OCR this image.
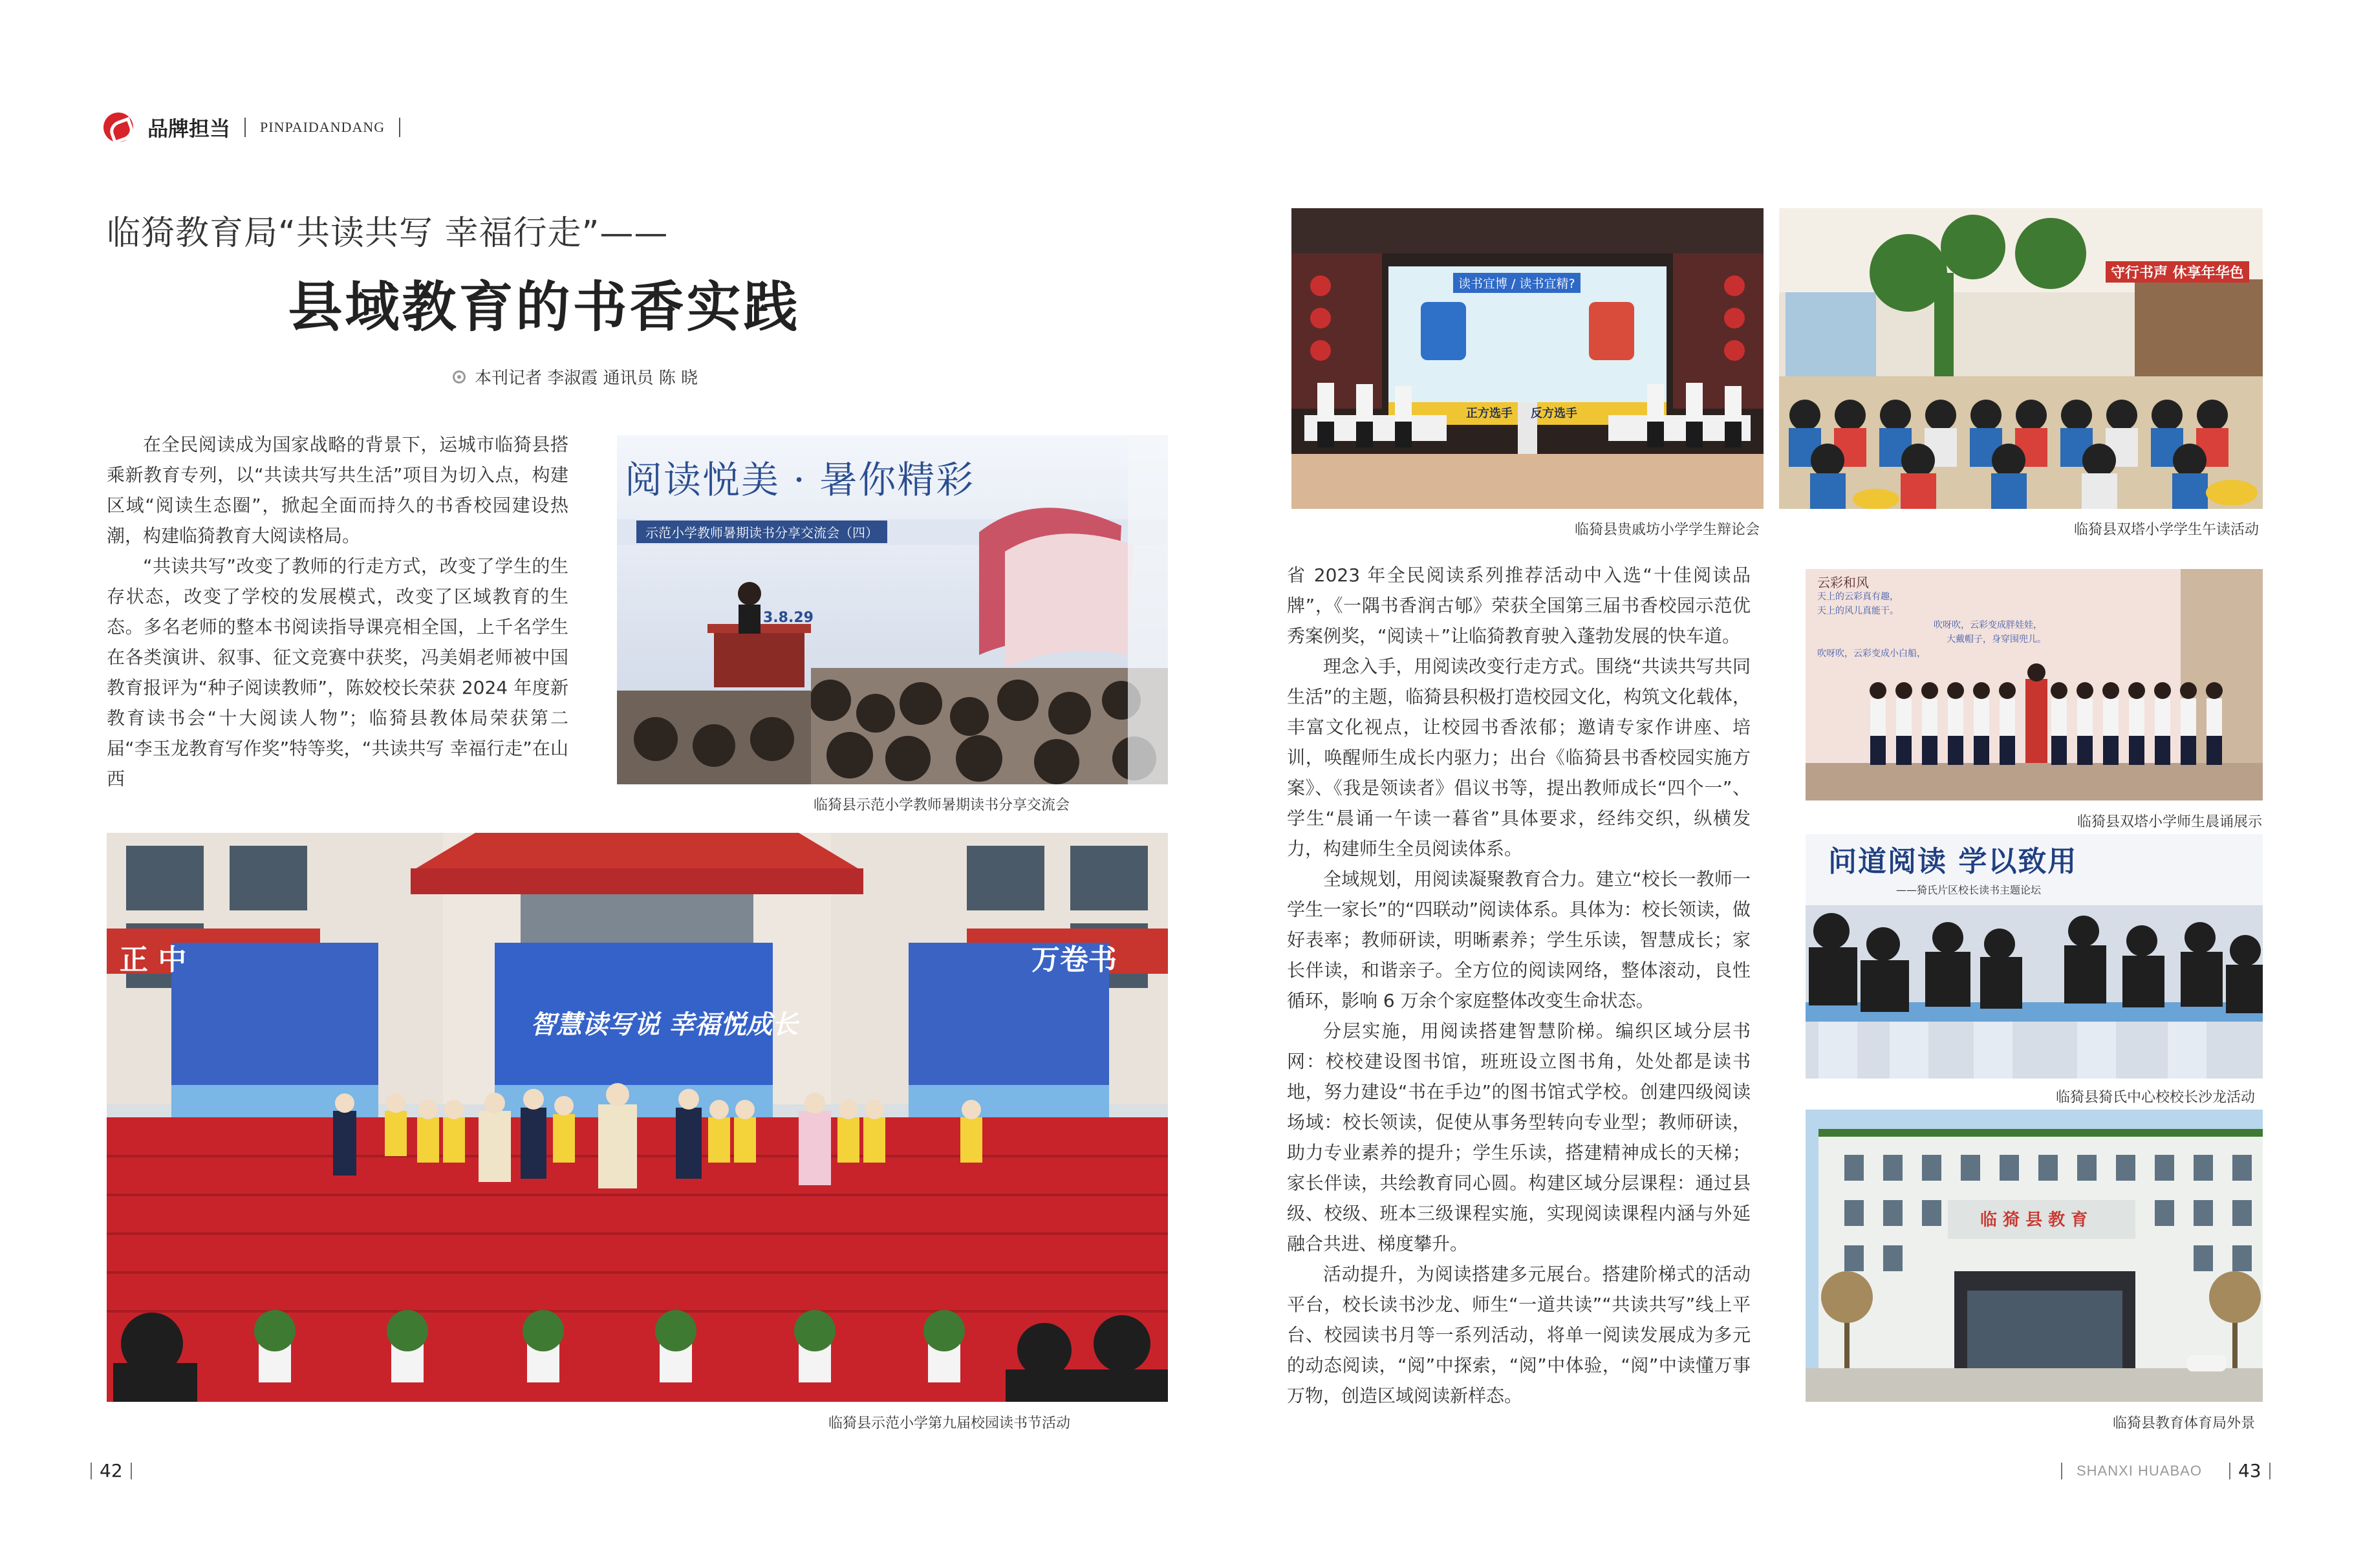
品牌担当 PINPAIDANDANG
临猗教育局“共读共写 幸福行走”——
县域教育的书香实践
本刊记者 李淑霞 通讯员 陈 晓

在全民阅读成为国家战略的背景下，运城市临猗县搭乘新教育专列，以“共读共写共生活”项目为切入点，构建区域“阅读生态圈”，掀起全面而持久的书香校园建设热潮，构建临猗教育大阅读格局。

“共读共写”改变了教师的行走方式，改变了学生的生存状态，改变了学校的发展模式，改变了区域教育的生态。多名老师的整本书阅读指导课亮相全国，上千名学生在各类演讲、叙事、征文竞赛中获奖，冯美娟老师被中国教育报评为“种子阅读教师”，陈姣校长荣获 2024 年度新教育读书会“十大阅读人物”；临猗县教体局荣获第二届“李玉龙教育写作奖”特等奖，“共读共写 幸福行走”在山西

阅读悦美 · 暑你精彩
示范小学教师暑期读书分享交流会（四）
3.8.29
临猗县示范小学教师暑期读书分享交流会
智慧读写说 幸福悦成长
正 中	万卷书
临猗县示范小学第九届校园读书节活动
42
读书宜博 / 读书宜精?
正方选手 反方选手
临猗县贵戚坊小学学生辩论会
守行书声 休享年华色
临猗县双塔小学学生午读活动
云彩和风
天上的云彩真有趣，
天上的风儿真能干。
吹呀吹，云彩变成胖娃娃，
大戴帽子，身穿围兜儿。
吹呀吹，云彩变成小白船，
临猗县双塔小学师生晨诵展示
问道阅读 学以致用
——猗氏片区校长读书主题论坛
临猗县猗氏中心校校长沙龙活动
临 猗 县 教 育
临猗县教育体育局外景

省 2023 年全民阅读系列推荐活动中入选“十佳阅读品牌”，《一隅书香润古郇》荣获全国第三届书香校园示范优秀案例奖，“阅读＋”让临猗教育驶入蓬勃发展的快车道。

理念入手，用阅读改变行走方式。围绕“共读共写共同生活”的主题，临猗县积极打造校园文化，构筑文化载体，丰富文化视点，让校园书香浓郁；邀请专家作讲座、培训，唤醒师生成长内驱力；出台《临猗县书香校园实施方案》、《我是领读者》倡议书等，提出教师成长“四个一”、学生“晨诵一午读一暮省”具体要求，经纬交织，纵横发力，构建师生全员阅读体系。

全域规划，用阅读凝聚教育合力。建立“校长一教师一学生一家长”的“四联动”阅读体系。具体为：校长领读，做好表率；教师研读，明晰素养；学生乐读，智慧成长；家长伴读，和谐亲子。全方位的阅读网络，整体滚动，良性循环，影响 6 万余个家庭整体改变生命状态。

分层实施，用阅读搭建智慧阶梯。编织区域分层书网：校校建设图书馆，班班设立图书角，处处都是读书地，努力建设“书在手边”的图书馆式学校。创建四级阅读场域：校长领读，促使从事务型转向专业型；教师研读，助力专业素养的提升；学生乐读，搭建精神成长的天梯；家长伴读，共绘教育同心圆。构建区域分层课程：通过县级、校级、班本三级课程实施，实现阅读课程内涵与外延融合共进、梯度攀升。

活动提升，为阅读搭建多元展台。搭建阶梯式的活动平台，校长读书沙龙、师生“一道共读”“共读共写”线上平台、校园读书月等一系列活动，将单一阅读发展成为多元的动态阅读，“阅”中探索，“阅”中体验，“阅”中读懂万事万物，创造区域阅读新样态。

SHANXI HUABAO 43
